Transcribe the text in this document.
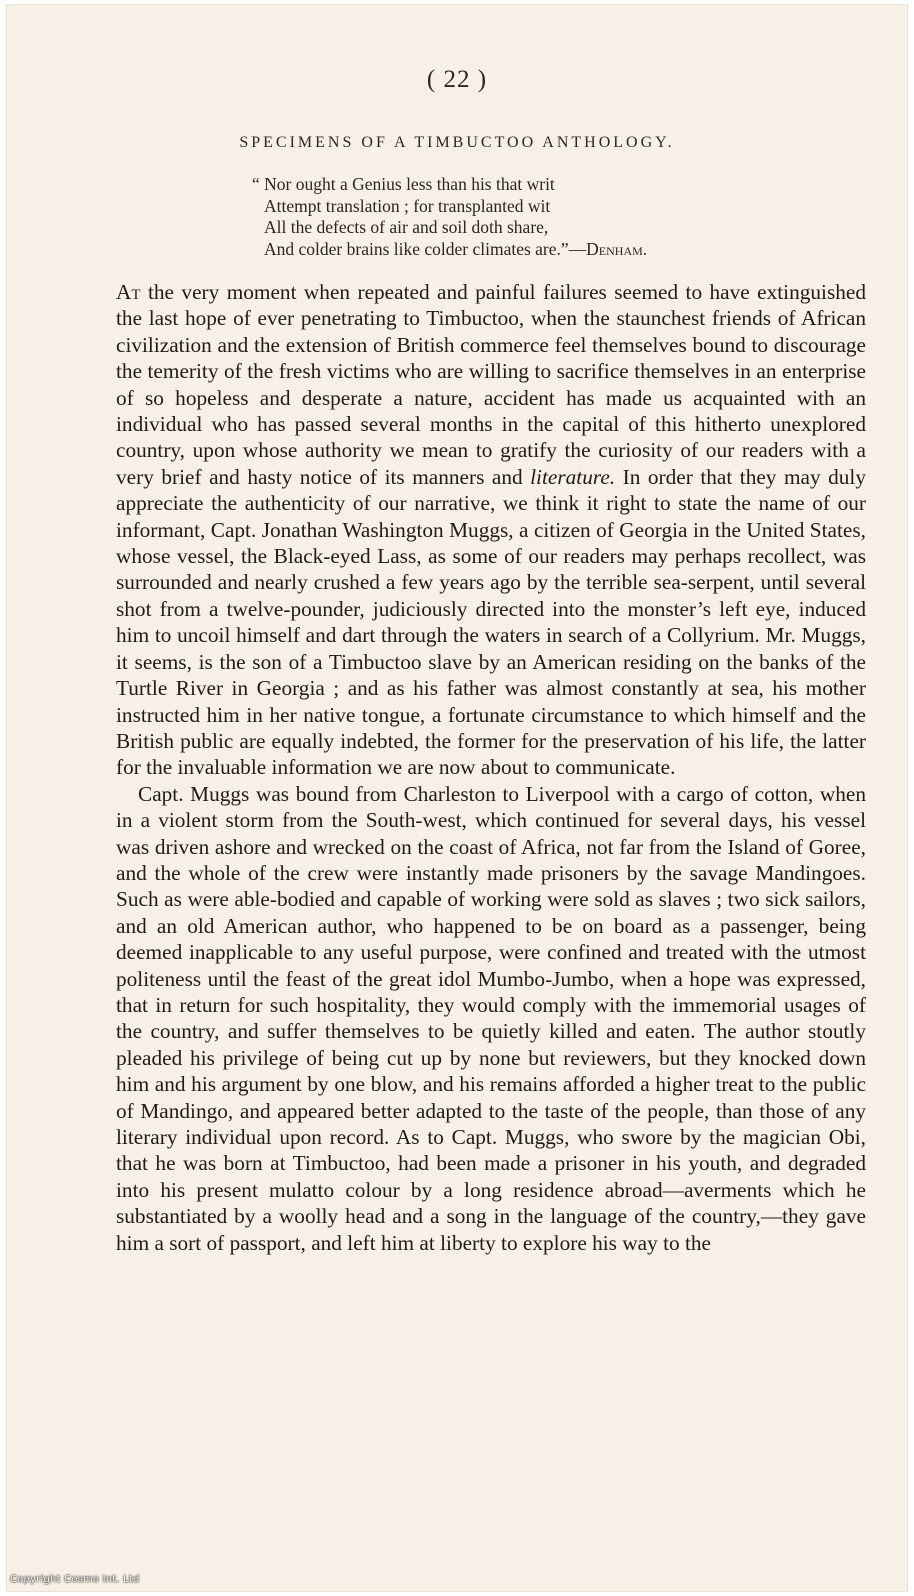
( 22 )
SPECIMENS OF A TIMBUCTOO ANTHOLOGY.
“ Nor ought a Genius less than his that writ
Attempt translation ; for transplanted wit
All the defects of air and soil doth share,
And colder brains like colder climates are.”—Denham.

At the very moment when repeated and painful failures seemed to have extinguished the last hope of ever penetrating to Timbuctoo, when the staunchest friends of African civilization and the extension of British commerce feel themselves bound to discourage the temerity of the fresh victims who are willing to sacrifice themselves in an enterprise of so hopeless and desperate a nature, accident has made us acquainted with an individual who has passed several months in the capital of this hitherto unexplored country, upon whose authority we mean to gratify the curiosity of our readers with a very brief and hasty notice of its manners and literature. In order that they may duly appreciate the authenticity of our narrative, we think it right to state the name of our informant, Capt. Jonathan Washington Muggs, a citizen of Georgia in the United States, whose vessel, the Black-eyed Lass, as some of our readers may perhaps recollect, was surrounded and nearly crushed a few years ago by the terrible sea-serpent, until several shot from a twelve-pounder, judiciously directed into the monster’s left eye, induced him to uncoil himself and dart through the waters in search of a Collyrium. Mr. Muggs, it seems, is the son of a Timbuctoo slave by an American residing on the banks of the Turtle River in Georgia ; and as his father was almost constantly at sea, his mother instructed him in her native tongue, a fortunate circumstance to which himself and the British public are equally indebted, the former for the preservation of his life, the latter for the invaluable information we are now about to communicate.

Capt. Muggs was bound from Charleston to Liverpool with a cargo of cotton, when in a violent storm from the South-west, which continued for several days, his vessel was driven ashore and wrecked on the coast of Africa, not far from the Island of Goree, and the whole of the crew were instantly made prisoners by the savage Mandingoes. Such as were able-bodied and capable of working were sold as slaves ; two sick sailors, and an old American author, who happened to be on board as a passenger, being deemed inapplicable to any useful purpose, were confined and treated with the utmost politeness until the feast of the great idol Mumbo-Jumbo, when a hope was expressed, that in return for such hospitality, they would comply with the immemorial usages of the country, and suffer themselves to be quietly killed and eaten. The author stoutly pleaded his privilege of being cut up by none but reviewers, but they knocked down him and his argument by one blow, and his remains afforded a higher treat to the public of Mandingo, and appeared better adapted to the taste of the people, than those of any literary individual upon record. As to Capt. Muggs, who swore by the magician Obi, that he was born at Timbuctoo, had been made a prisoner in his youth, and degraded into his present mulatto colour by a long residence abroad—averments which he substantiated by a woolly head and a song in the language of the country,—they gave him a sort of passport, and left him at liberty to explore his way to the

Copyright Cosmo Int. Ltd
